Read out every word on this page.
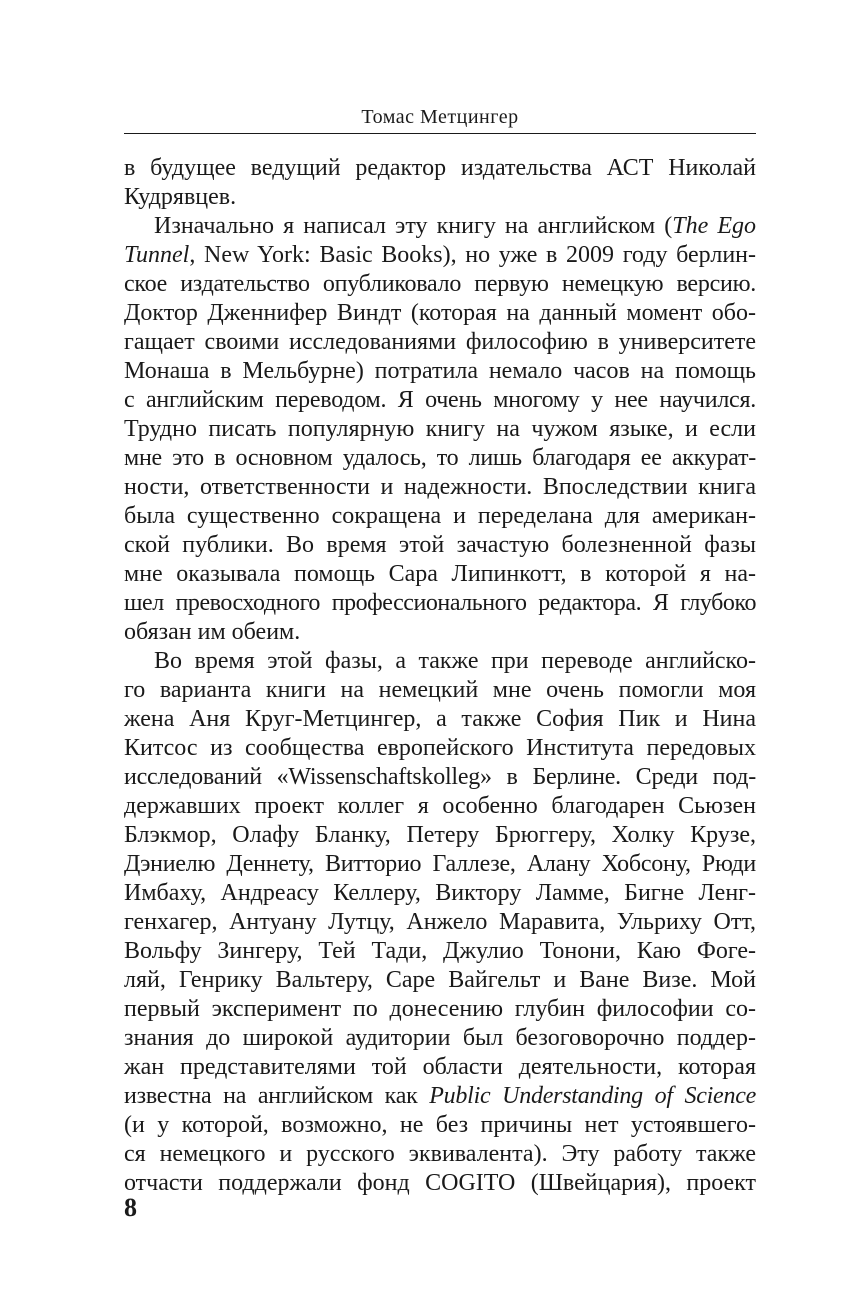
Томас Метцингер
в будущее ведущий редактор издательства АСТ Николай
Кудрявцев.
Изначально я написал эту книгу на английском (The Ego
Tunnel, New York: Basic Books), но уже в 2009 году берлин-
ское издательство опубликовало первую немецкую версию.
Доктор Дженнифер Виндт (которая на данный момент обо-
гащает своими исследованиями философию в университете
Монаша в Мельбурне) потратила немало часов на помощь
с английским переводом. Я очень многому у нее научился.
Трудно писать популярную книгу на чужом языке, и если
мне это в основном удалось, то лишь благодаря ее аккурат-
ности, ответственности и надежности. Впоследствии книга
была существенно сокращена и переделана для американ-
ской публики. Во время этой зачастую болезненной фазы
мне оказывала помощь Сара Липинкотт, в которой я на-
шел превосходного профессионального редактора. Я глубоко
обязан им обеим.
Во время этой фазы, а также при переводе английско-
го варианта книги на немецкий мне очень помогли моя
жена Аня Круг-Метцингер, а также София Пик и Нина
Китсос из сообщества европейского Института передовых
исследований «Wissenschaftskolleg» в Берлине. Среди под-
державших проект коллег я особенно благодарен Сьюзен
Блэкмор, Олафу Бланку, Петеру Брюггеру, Холку Крузе,
Дэниелю Деннету, Витторио Галлезе, Алану Хобсону, Рюди
Имбаху, Андреасу Келлеру, Виктору Ламме, Бигне Ленг-
генхагер, Антуану Лутцу, Анжело Маравита, Ульриху Отт,
Вольфу Зингеру, Тей Тади, Джулио Тонони, Каю Фоге-
ляй, Генрику Вальтеру, Саре Вайгельт и Ване Визе. Мой
первый эксперимент по донесению глубин философии со-
знания до широкой аудитории был безоговорочно поддер-
жан представителями той области деятельности, которая
известна на английском как Public Understanding of Science
(и у которой, возможно, не без причины нет устоявшего-
ся немецкого и русского эквивалента). Эту работу также
отчасти поддержали фонд COGITO (Швейцария), проект
8
